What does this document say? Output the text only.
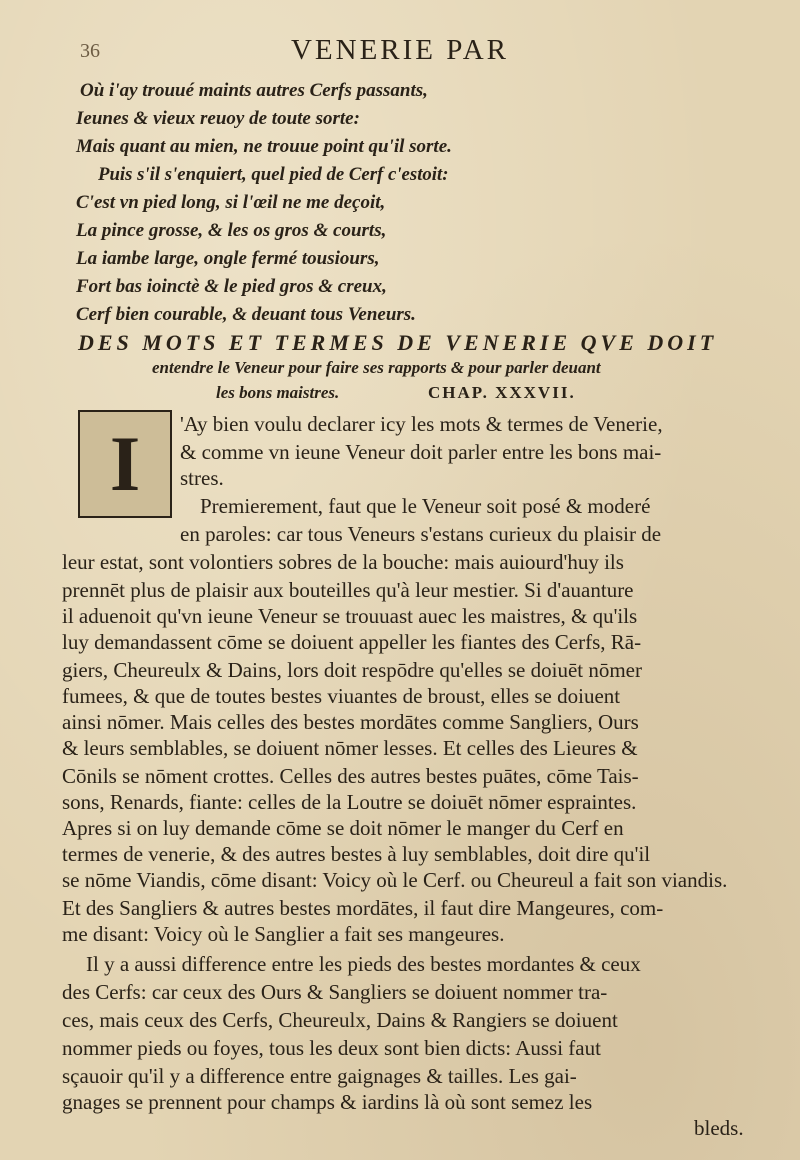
36	VENERIE PAR
Où i'ay trouué maints autres Cerfs passants,
Ieunes & vieux reuoy de toute sorte:
Mais quant au mien, ne trouue point qu'il sorte.
Puis s'il s'enquiert, quel pied de Cerf c'estoit:
C'est vn pied long, si l'œil ne me deçoit,
La pince grosse, & les os gros & courts,
La iambe large, ongle fermé tousiours,
Fort bas ioinctè & le pied gros & creux,
Cerf bien courable, & deuant tous Veneurs.
DES MOTS ET TERMES DE VENERIE QVE DOIT
entendre le Veneur pour faire ses rapports & pour parler deuant
les bons maistres.	CHAP. XXXVII.
I	'Ay bien voulu declarer icy les mots & termes de Venerie,
& comme vn ieune Veneur doit parler entre les bons mai-
stres.
Premierement, faut que le Veneur soit posé & moderé
en paroles: car tous Veneurs s'estans curieux du plaisir de
leur estat, sont volontiers sobres de la bouche: mais auiourd'huy ils
prennēt plus de plaisir aux bouteilles qu'à leur mestier. Si d'auanture
il aduenoit qu'vn ieune Veneur se trouuast auec les maistres, & qu'ils
luy demandassent cōme se doiuent appeller les fiantes des Cerfs, Rā-
giers, Cheureulx & Dains, lors doit respōdre qu'elles se doiuēt nōmer
fumees, & que de toutes bestes viuantes de broust, elles se doiuent
ainsi nōmer. Mais celles des bestes mordātes comme Sangliers, Ours
& leurs semblables, se doiuent nōmer lesses. Et celles des Lieures &
Cōnils se nōment crottes. Celles des autres bestes puātes, cōme Tais-
sons, Renards, fiante: celles de la Loutre se doiuēt nōmer espraintes.
Apres si on luy demande cōme se doit nōmer le manger du Cerf en
termes de venerie, & des autres bestes à luy semblables, doit dire qu'il
se nōme Viandis, cōme disant: Voicy où le Cerf. ou Cheureul a fait son viandis.
Et des Sangliers & autres bestes mordātes, il faut dire Mangeures, com-
me disant: Voicy où le Sanglier a fait ses mangeures.
Il y a aussi difference entre les pieds des bestes mordantes & ceux
des Cerfs: car ceux des Ours & Sangliers se doiuent nommer tra-
ces, mais ceux des Cerfs, Cheureulx, Dains & Rangiers se doiuent
nommer pieds ou foyes, tous les deux sont bien dicts: Aussi faut
sçauoir qu'il y a difference entre gaignages & tailles. Les gai-
gnages se prennent pour champs & iardins là où sont semez les
bleds.
